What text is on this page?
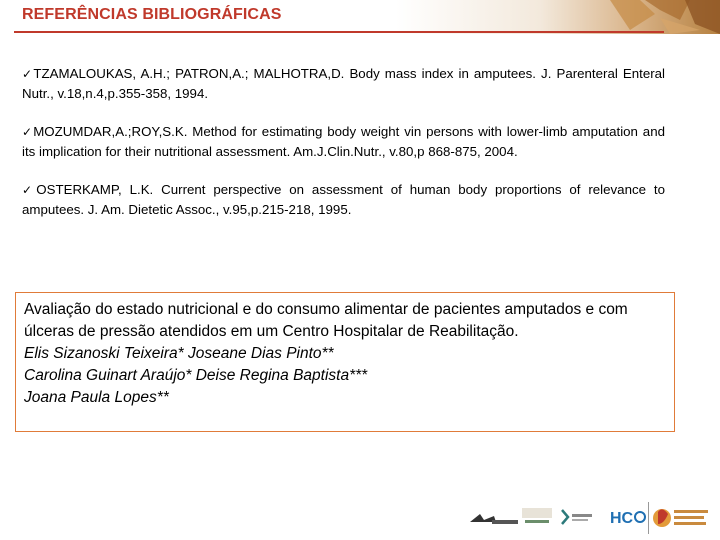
REFERÊNCIAS BIBLIOGRÁFICAS

✓TZAMALOUKAS, A.H.; PATRON,A.; MALHOTRA,D. Body mass index in amputees. J. Parenteral Enteral Nutr., v.18,n.4,p.355-358, 1994.

✓MOZUMDAR,A.;ROY,S.K. Method for estimating body weight vin persons with lower-limb amputation and its implication for their nutritional assessment. Am.J.Clin.Nutr., v.80,p 868-875, 2004.

✓OSTERKAMP, L.K. Current perspective on assessment of human body proportions of relevance to amputees. J. Am. Dietetic Assoc., v.95,p.215-218, 1995.

Avaliação do estado nutricional e do consumo alimentar de pacientes amputados e com úlceras de pressão atendidos em um Centro Hospitalar de Reabilitação.
Elis Sizanoski Teixeira* Joseane Dias Pinto**
Carolina Guinart Araújo* Deise Regina Baptista***
Joana Paula Lopes**
HC
